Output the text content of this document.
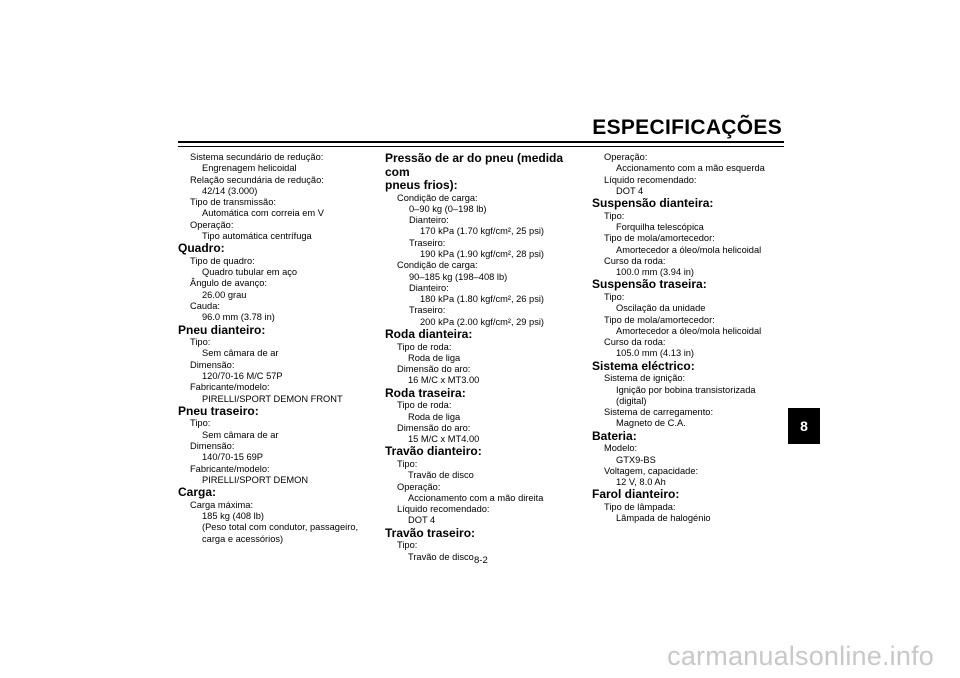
ESPECIFICAÇÕES
Sistema secundário de redução:
Engrenagem helicoidal
Relação secundária de redução:
42/14 (3.000)
Tipo de transmissão:
Automática com correia em V
Operação:
Tipo automática centrífuga
Quadro:
Tipo de quadro:
Quadro tubular em aço
Ângulo de avanço:
26.00 grau
Cauda:
96.0 mm (3.78 in)
Pneu dianteiro:
Tipo:
Sem câmara de ar
Dimensão:
120/70-16 M/C 57P
Fabricante/modelo:
PIRELLI/SPORT DEMON FRONT
Pneu traseiro:
Tipo:
Sem câmara de ar
Dimensão:
140/70-15 69P
Fabricante/modelo:
PIRELLI/SPORT DEMON
Carga:
Carga máxima:
185 kg (408 lb)
(Peso total com condutor, passageiro,
carga e acessórios)
Pressão de ar do pneu (medida com
pneus frios):
Condição de carga:
0–90 kg (0–198 lb)
Dianteiro:
170 kPa (1.70 kgf/cm², 25 psi)
Traseiro:
190 kPa (1.90 kgf/cm², 28 psi)
Condição de carga:
90–185 kg (198–408 lb)
Dianteiro:
180 kPa (1.80 kgf/cm², 26 psi)
Traseiro:
200 kPa (2.00 kgf/cm², 29 psi)
Roda dianteira:
Tipo de roda:
Roda de liga
Dimensão do aro:
16 M/C x MT3.00
Roda traseira:
Tipo de roda:
Roda de liga
Dimensão do aro:
15 M/C x MT4.00
Travão dianteiro:
Tipo:
Travão de disco
Operação:
Accionamento com a mão direita
Líquido recomendado:
DOT 4
Travão traseiro:
Tipo:
Travão de disco
Operação:
Accionamento com a mão esquerda
Líquido recomendado:
DOT 4
Suspensão dianteira:
Tipo:
Forquilha telescópica
Tipo de mola/amortecedor:
Amortecedor a óleo/mola helicoidal
Curso da roda:
100.0 mm (3.94 in)
Suspensão traseira:
Tipo:
Oscilação da unidade
Tipo de mola/amortecedor:
Amortecedor a óleo/mola helicoidal
Curso da roda:
105.0 mm (4.13 in)
Sistema eléctrico:
Sistema de ignição:
Ignição por bobina transistorizada (digital)
Sistema de carregamento:
Magneto de C.A.
Bateria:
Modelo:
GTX9-BS
Voltagem, capacidade:
12 V, 8.0 Ah
Farol dianteiro:
Tipo de lâmpada:
Lâmpada de halogénio
8
8-2
carmanualsonline.info
